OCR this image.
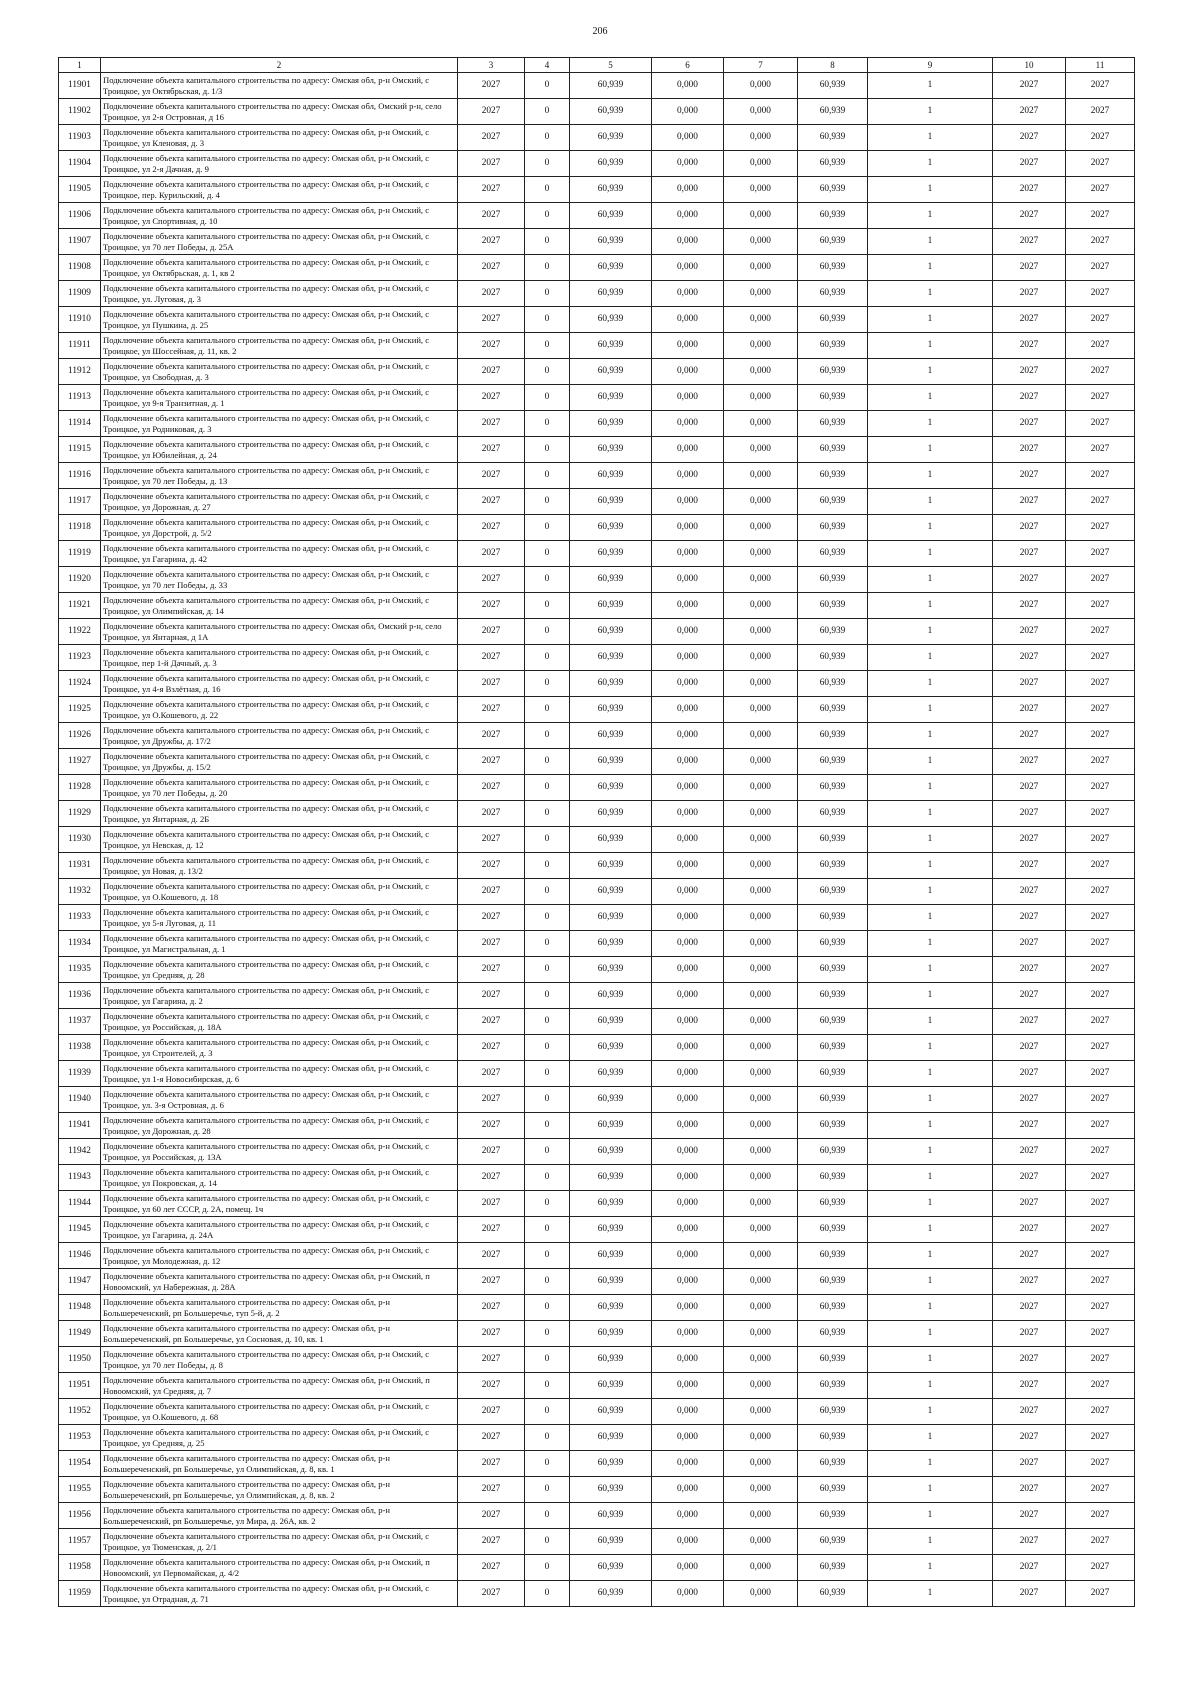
206
1	2	3	4	5	6	7	8	9	10	11
11901	Подключение объекта капитального строительства по адресу: Омская обл, р-н Омский, с Троицкое, ул Октябрьская, д. 1/3	2027	0	60,939	0,000	0,000	60,939	1	2027	2027
11902	Подключение объекта капитального строительства по адресу: Омская обл, Омский р-н, село Троицкое, ул 2-я Островная, д 16	2027	0	60,939	0,000	0,000	60,939	1	2027	2027
11903	Подключение объекта капитального строительства по адресу: Омская обл, р-н Омский, с Троицкое, ул Кленовая, д. 3	2027	0	60,939	0,000	0,000	60,939	1	2027	2027
11904	Подключение объекта капитального строительства по адресу: Омская обл, р-н Омский, с Троицкое, ул 2-я Дачная, д. 9	2027	0	60,939	0,000	0,000	60,939	1	2027	2027
11905	Подключение объекта капитального строительства по адресу: Омская обл, р-н Омский, с Троицкое, пер. Курильский, д. 4	2027	0	60,939	0,000	0,000	60,939	1	2027	2027
11906	Подключение объекта капитального строительства по адресу: Омская обл, р-н Омский, с Троицкое, ул Спортивная, д. 10	2027	0	60,939	0,000	0,000	60,939	1	2027	2027
11907	Подключение объекта капитального строительства по адресу: Омская обл, р-н Омский, с Троицкое, ул 70 лет Победы, д. 25А	2027	0	60,939	0,000	0,000	60,939	1	2027	2027
11908	Подключение объекта капитального строительства по адресу: Омская обл, р-н Омский, с Троицкое, ул Октябрьская, д. 1, кв 2	2027	0	60,939	0,000	0,000	60,939	1	2027	2027
11909	Подключение объекта капитального строительства по адресу: Омская обл, р-н Омский, с Троицкое, ул. Луговая, д. 3	2027	0	60,939	0,000	0,000	60,939	1	2027	2027
11910	Подключение объекта капитального строительства по адресу: Омская обл, р-н Омский, с Троицкое, ул Пушкина, д. 25	2027	0	60,939	0,000	0,000	60,939	1	2027	2027
11911	Подключение объекта капитального строительства по адресу: Омская обл, р-н Омский, с Троицкое, ул Шоссейная, д. 11, кв. 2	2027	0	60,939	0,000	0,000	60,939	1	2027	2027
11912	Подключение объекта капитального строительства по адресу: Омская обл, р-н Омский, с Троицкое, ул Свободная, д. 3	2027	0	60,939	0,000	0,000	60,939	1	2027	2027
11913	Подключение объекта капитального строительства по адресу: Омская обл, р-н Омский, с Троицкое, ул 9-я Транзитная, д. 1	2027	0	60,939	0,000	0,000	60,939	1	2027	2027
11914	Подключение объекта капитального строительства по адресу: Омская обл, р-н Омский, с Троицкое, ул Родниковая, д. 3	2027	0	60,939	0,000	0,000	60,939	1	2027	2027
11915	Подключение объекта капитального строительства по адресу: Омская обл, р-н Омский, с Троицкое, ул Юбилейная, д. 24	2027	0	60,939	0,000	0,000	60,939	1	2027	2027
11916	Подключение объекта капитального строительства по адресу: Омская обл, р-н Омский, с Троицкое, ул 70 лет Победы, д. 13	2027	0	60,939	0,000	0,000	60,939	1	2027	2027
11917	Подключение объекта капитального строительства по адресу: Омская обл, р-н Омский, с Троицкое, ул Дорожная, д. 27	2027	0	60,939	0,000	0,000	60,939	1	2027	2027
11918	Подключение объекта капитального строительства по адресу: Омская обл, р-н Омский, с Троицкое, ул Дорстрой, д. 5/2	2027	0	60,939	0,000	0,000	60,939	1	2027	2027
11919	Подключение объекта капитального строительства по адресу: Омская обл, р-н Омский, с Троицкое, ул Гагарина, д. 42	2027	0	60,939	0,000	0,000	60,939	1	2027	2027
11920	Подключение объекта капитального строительства по адресу: Омская обл, р-н Омский, с Троицкое, ул 70 лет Победы, д. 33	2027	0	60,939	0,000	0,000	60,939	1	2027	2027
11921	Подключение объекта капитального строительства по адресу: Омская обл, р-н Омский, с Троицкое, ул Олимпийская, д. 14	2027	0	60,939	0,000	0,000	60,939	1	2027	2027
11922	Подключение объекта капитального строительства по адресу: Омская обл, Омский р-н, село Троицкое, ул Янтарная, д 1А	2027	0	60,939	0,000	0,000	60,939	1	2027	2027
11923	Подключение объекта капитального строительства по адресу: Омская обл, р-н Омский, с Троицкое, пер 1-й Дачный, д. 3	2027	0	60,939	0,000	0,000	60,939	1	2027	2027
11924	Подключение объекта капитального строительства по адресу: Омская обл, р-н Омский, с Троицкое, ул 4-я Взлётная, д. 16	2027	0	60,939	0,000	0,000	60,939	1	2027	2027
11925	Подключение объекта капитального строительства по адресу: Омская обл, р-н Омский, с Троицкое, ул О.Кошевого, д. 22	2027	0	60,939	0,000	0,000	60,939	1	2027	2027
11926	Подключение объекта капитального строительства по адресу: Омская обл, р-н Омский, с Троицкое, ул Дружбы, д. 17/2	2027	0	60,939	0,000	0,000	60,939	1	2027	2027
11927	Подключение объекта капитального строительства по адресу: Омская обл, р-н Омский, с Троицкое, ул Дружбы, д. 15/2	2027	0	60,939	0,000	0,000	60,939	1	2027	2027
11928	Подключение объекта капитального строительства по адресу: Омская обл, р-н Омский, с Троицкое, ул 70 лет Победы, д. 20	2027	0	60,939	0,000	0,000	60,939	1	2027	2027
11929	Подключение объекта капитального строительства по адресу: Омская обл, р-н Омский, с Троицкое, ул Янтарная, д. 2Б	2027	0	60,939	0,000	0,000	60,939	1	2027	2027
11930	Подключение объекта капитального строительства по адресу: Омская обл, р-н Омский, с Троицкое, ул Невская, д. 12	2027	0	60,939	0,000	0,000	60,939	1	2027	2027
11931	Подключение объекта капитального строительства по адресу: Омская обл, р-н Омский, с Троицкое, ул Новая, д. 13/2	2027	0	60,939	0,000	0,000	60,939	1	2027	2027
11932	Подключение объекта капитального строительства по адресу: Омская обл, р-н Омский, с Троицкое, ул О.Кошевого, д. 18	2027	0	60,939	0,000	0,000	60,939	1	2027	2027
11933	Подключение объекта капитального строительства по адресу: Омская обл, р-н Омский, с Троицкое, ул 5-я Луговая, д. 11	2027	0	60,939	0,000	0,000	60,939	1	2027	2027
11934	Подключение объекта капитального строительства по адресу: Омская обл, р-н Омский, с Троицкое, ул Магистральная, д. 1	2027	0	60,939	0,000	0,000	60,939	1	2027	2027
11935	Подключение объекта капитального строительства по адресу: Омская обл, р-н Омский, с Троицкое, ул Средняя, д. 28	2027	0	60,939	0,000	0,000	60,939	1	2027	2027
11936	Подключение объекта капитального строительства по адресу: Омская обл, р-н Омский, с Троицкое, ул Гагарина, д. 2	2027	0	60,939	0,000	0,000	60,939	1	2027	2027
11937	Подключение объекта капитального строительства по адресу: Омская обл, р-н Омский, с Троицкое, ул Российская, д. 18А	2027	0	60,939	0,000	0,000	60,939	1	2027	2027
11938	Подключение объекта капитального строительства по адресу: Омская обл, р-н Омский, с Троицкое, ул Строителей, д. 3	2027	0	60,939	0,000	0,000	60,939	1	2027	2027
11939	Подключение объекта капитального строительства по адресу: Омская обл, р-н Омский, с Троицкое, ул 1-я Новосибирская, д. 6	2027	0	60,939	0,000	0,000	60,939	1	2027	2027
11940	Подключение объекта капитального строительства по адресу: Омская обл, р-н Омский, с Троицкое, ул. 3-я Островная, д. 6	2027	0	60,939	0,000	0,000	60,939	1	2027	2027
11941	Подключение объекта капитального строительства по адресу: Омская обл, р-н Омский, с Троицкое, ул Дорожная, д. 28	2027	0	60,939	0,000	0,000	60,939	1	2027	2027
11942	Подключение объекта капитального строительства по адресу: Омская обл, р-н Омский, с Троицкое, ул Российская, д. 13А	2027	0	60,939	0,000	0,000	60,939	1	2027	2027
11943	Подключение объекта капитального строительства по адресу: Омская обл, р-н Омский, с Троицкое, ул Покровская, д. 14	2027	0	60,939	0,000	0,000	60,939	1	2027	2027
11944	Подключение объекта капитального строительства по адресу: Омская обл, р-н Омский, с Троицкое, ул 60 лет СССР, д. 2А, помещ. 1ч	2027	0	60,939	0,000	0,000	60,939	1	2027	2027
11945	Подключение объекта капитального строительства по адресу: Омская обл, р-н Омский, с Троицкое, ул Гагарина, д. 24А	2027	0	60,939	0,000	0,000	60,939	1	2027	2027
11946	Подключение объекта капитального строительства по адресу: Омская обл, р-н Омский, с Троицкое, ул Молодежная, д. 12	2027	0	60,939	0,000	0,000	60,939	1	2027	2027
11947	Подключение объекта капитального строительства по адресу: Омская обл, р-н Омский, п Новоомский, ул Набережная, д. 28А	2027	0	60,939	0,000	0,000	60,939	1	2027	2027
11948	Подключение объекта капитального строительства по адресу: Омская обл, р-н Большереченский, рп Большеречье, туп 5-й, д. 2	2027	0	60,939	0,000	0,000	60,939	1	2027	2027
11949	Подключение объекта капитального строительства по адресу: Омская обл, р-н Большереченский, рп Большеречье, ул Сосновая, д. 10, кв. 1	2027	0	60,939	0,000	0,000	60,939	1	2027	2027
11950	Подключение объекта капитального строительства по адресу: Омская обл, р-н Омский, с Троицкое, ул 70 лет Победы, д. 8	2027	0	60,939	0,000	0,000	60,939	1	2027	2027
11951	Подключение объекта капитального строительства по адресу: Омская обл, р-н Омский, п Новоомский, ул Средняя, д. 7	2027	0	60,939	0,000	0,000	60,939	1	2027	2027
11952	Подключение объекта капитального строительства по адресу: Омская обл, р-н Омский, с Троицкое, ул О.Кошевого, д. 68	2027	0	60,939	0,000	0,000	60,939	1	2027	2027
11953	Подключение объекта капитального строительства по адресу: Омская обл, р-н Омский, с Троицкое, ул Средняя, д. 25	2027	0	60,939	0,000	0,000	60,939	1	2027	2027
11954	Подключение объекта капитального строительства по адресу: Омская обл, р-н Большереченский, рп Большеречье, ул Олимпийская, д. 8, кв. 1	2027	0	60,939	0,000	0,000	60,939	1	2027	2027
11955	Подключение объекта капитального строительства по адресу: Омская обл, р-н Большереченский, рп Большеречье, ул Олимпийская, д. 8, кв. 2	2027	0	60,939	0,000	0,000	60,939	1	2027	2027
11956	Подключение объекта капитального строительства по адресу: Омская обл, р-н Большереченский, рп Большеречье, ул Мира, д. 26А, кв. 2	2027	0	60,939	0,000	0,000	60,939	1	2027	2027
11957	Подключение объекта капитального строительства по адресу: Омская обл, р-н Омский, с Троицкое, ул Тюменская, д. 2/1	2027	0	60,939	0,000	0,000	60,939	1	2027	2027
11958	Подключение объекта капитального строительства по адресу: Омская обл, р-н Омский, п Новоомский, ул Первомайская, д. 4/2	2027	0	60,939	0,000	0,000	60,939	1	2027	2027
11959	Подключение объекта капитального строительства по адресу: Омская обл, р-н Омский, с Троицкое, ул Отрадная, д. 71	2027	0	60,939	0,000	0,000	60,939	1	2027	2027
